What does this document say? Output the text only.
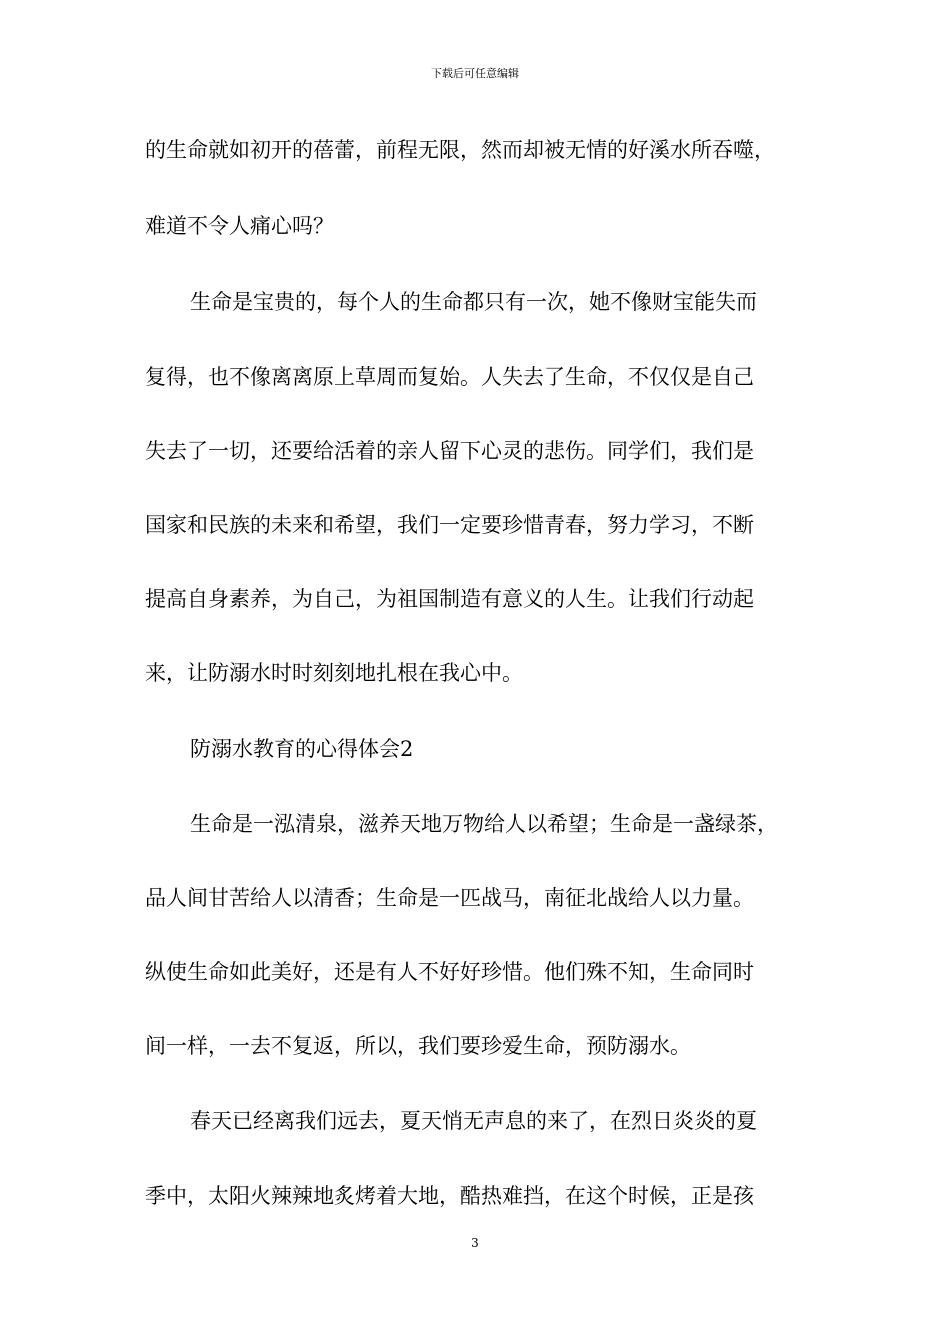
下载后可任意编辑
的生命就如初开的蓓蕾，前程无限，然而却被无情的好溪水所吞噬，
难道不令人痛心吗？
生命是宝贵的，每个人的生命都只有一次，她不像财宝能失而
复得，也不像离离原上草周而复始。人失去了生命，不仅仅是自己
失去了一切，还要给活着的亲人留下心灵的悲伤。同学们，我们是
国家和民族的未来和希望，我们一定要珍惜青春，努力学习，不断
提高自身素养，为自己，为祖国制造有意义的人生。让我们行动起
来，让防溺水时时刻刻地扎根在我心中。
防溺水教育的心得体会2
生命是一泓清泉，滋养天地万物给人以希望；生命是一盏绿茶，
品人间甘苦给人以清香；生命是一匹战马，南征北战给人以力量。
纵使生命如此美好，还是有人不好好珍惜。他们殊不知，生命同时
间一样，一去不复返，所以，我们要珍爱生命，预防溺水。
春天已经离我们远去，夏天悄无声息的来了，在烈日炎炎的夏
季中，太阳火辣辣地炙烤着大地，酷热难挡，在这个时候，正是孩
3
